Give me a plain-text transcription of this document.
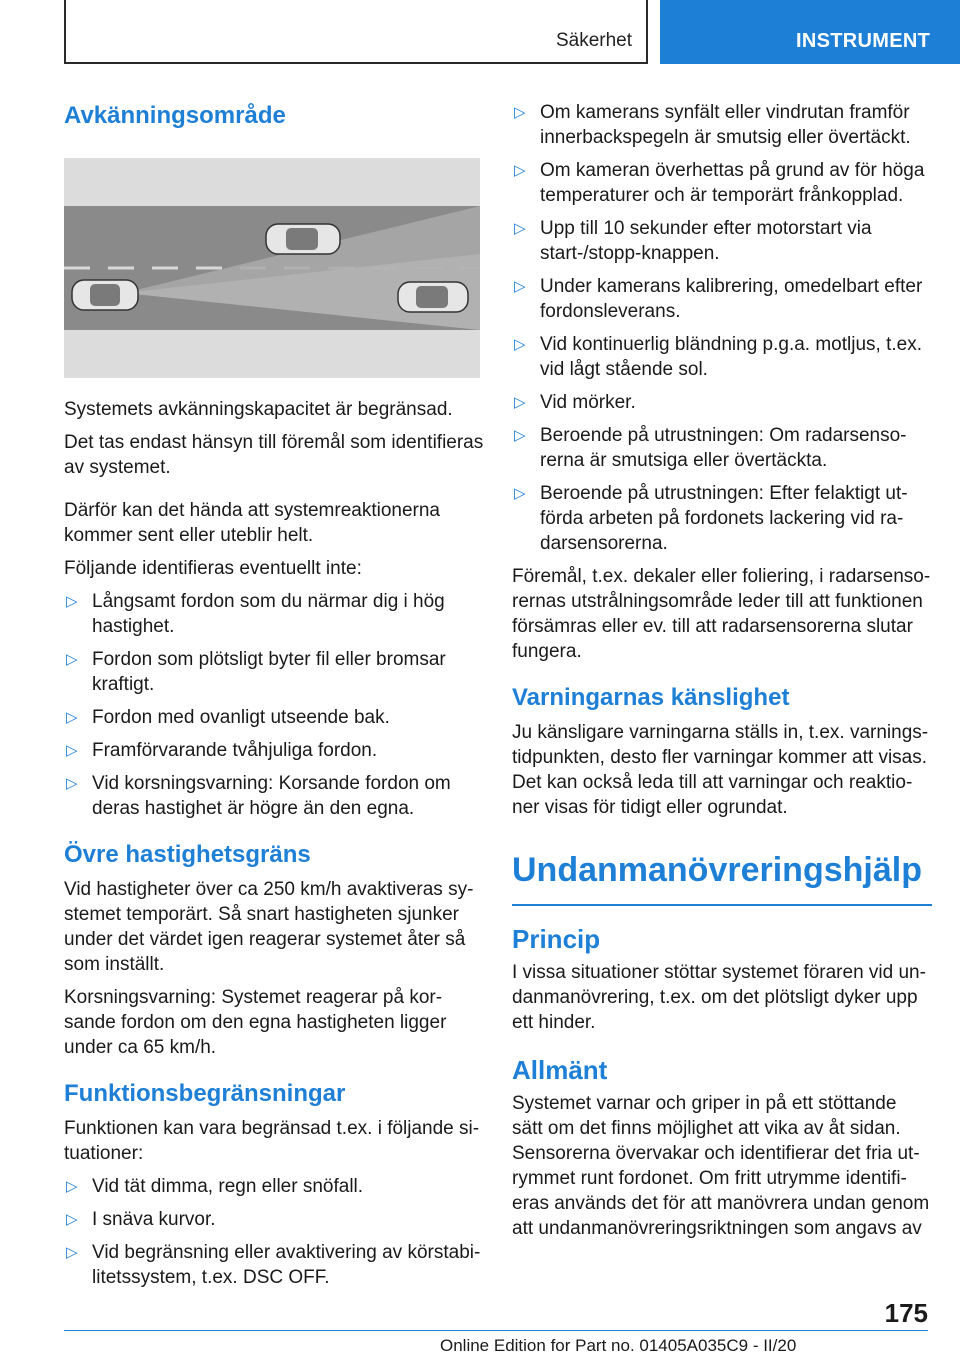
Säkerhet	INSTRUMENT
Avkänningsområde

Systemets avkänningskapacitet är begränsad.

Det tas endast hänsyn till föremål som identifieras av systemet.

Därför kan det hända att systemreaktionerna kommer sent eller uteblir helt.

Följande identifieras eventuellt inte:

▷ Långsamt fordon som du närmar dig i hög hastighet.
▷ Fordon som plötsligt byter fil eller bromsar kraftigt.
▷ Fordon med ovanligt utseende bak.
▷ Framförvarande tvåhjuliga fordon.
▷ Vid korsningsvarning: Korsande fordon om deras hastighet är högre än den egna.
Övre hastighetsgräns

Vid hastigheter över ca 250 km/h avaktiveras systemet temporärt. Så snart hastigheten sjunker under det värdet igen reagerar systemet åter så som inställt.

Korsningsvarning: Systemet reagerar på korsande fordon om den egna hastigheten ligger under ca 65 km/h.

Funktionsbegränsningar

Funktionen kan vara begränsad t.ex. i följande situationer:

▷ Vid tät dimma, regn eller snöfall.
▷ I snäva kurvor.
▷ Vid begränsning eller avaktivering av körstabilitetssystem, t.ex. DSC OFF.
▷ Om kamerans synfält eller vindrutan framför innerbackspegeln är smutsig eller övertäckt.
▷ Om kameran överhettas på grund av för höga temperaturer och är temporärt frånkopplad.
▷ Upp till 10 sekunder efter motorstart via start-/stopp-knappen.
▷ Under kamerans kalibrering, omedelbart efter fordonsleverans.
▷ Vid kontinuerlig bländning p.g.a. motljus, t.ex. vid lågt stående sol.
▷ Vid mörker.
▷ Beroende på utrustningen: Om radarsensorerna är smutsiga eller övertäckta.
▷ Beroende på utrustningen: Efter felaktigt utförda arbeten på fordonets lackering vid radarsensorerna.

Föremål, t.ex. dekaler eller foliering, i radarsensorernas utstrålningsområde leder till att funktionen försämras eller ev. till att radarsensorerna slutar fungera.

Varningarnas känslighet

Ju känsligare varningarna ställs in, t.ex. varningstidpunkten, desto fler varningar kommer att visas. Det kan också leda till att varningar och reaktioner visas för tidigt eller ogrundat.

Undanmanövreringshjälp
Princip

I vissa situationer stöttar systemet föraren vid undanmanövrering, t.ex. om det plötsligt dyker upp ett hinder.

Allmänt

Systemet varnar och griper in på ett stöttande sätt om det finns möjlighet att vika av åt sidan. Sensorerna övervakar och identifierar det fria utrymmet runt fordonet. Om fritt utrymme identifieras används det för att manövrera undan genom att undanmanövreringsriktningen som angavs av

175
Online Edition for Part no. 01405A035C9 - II/20
